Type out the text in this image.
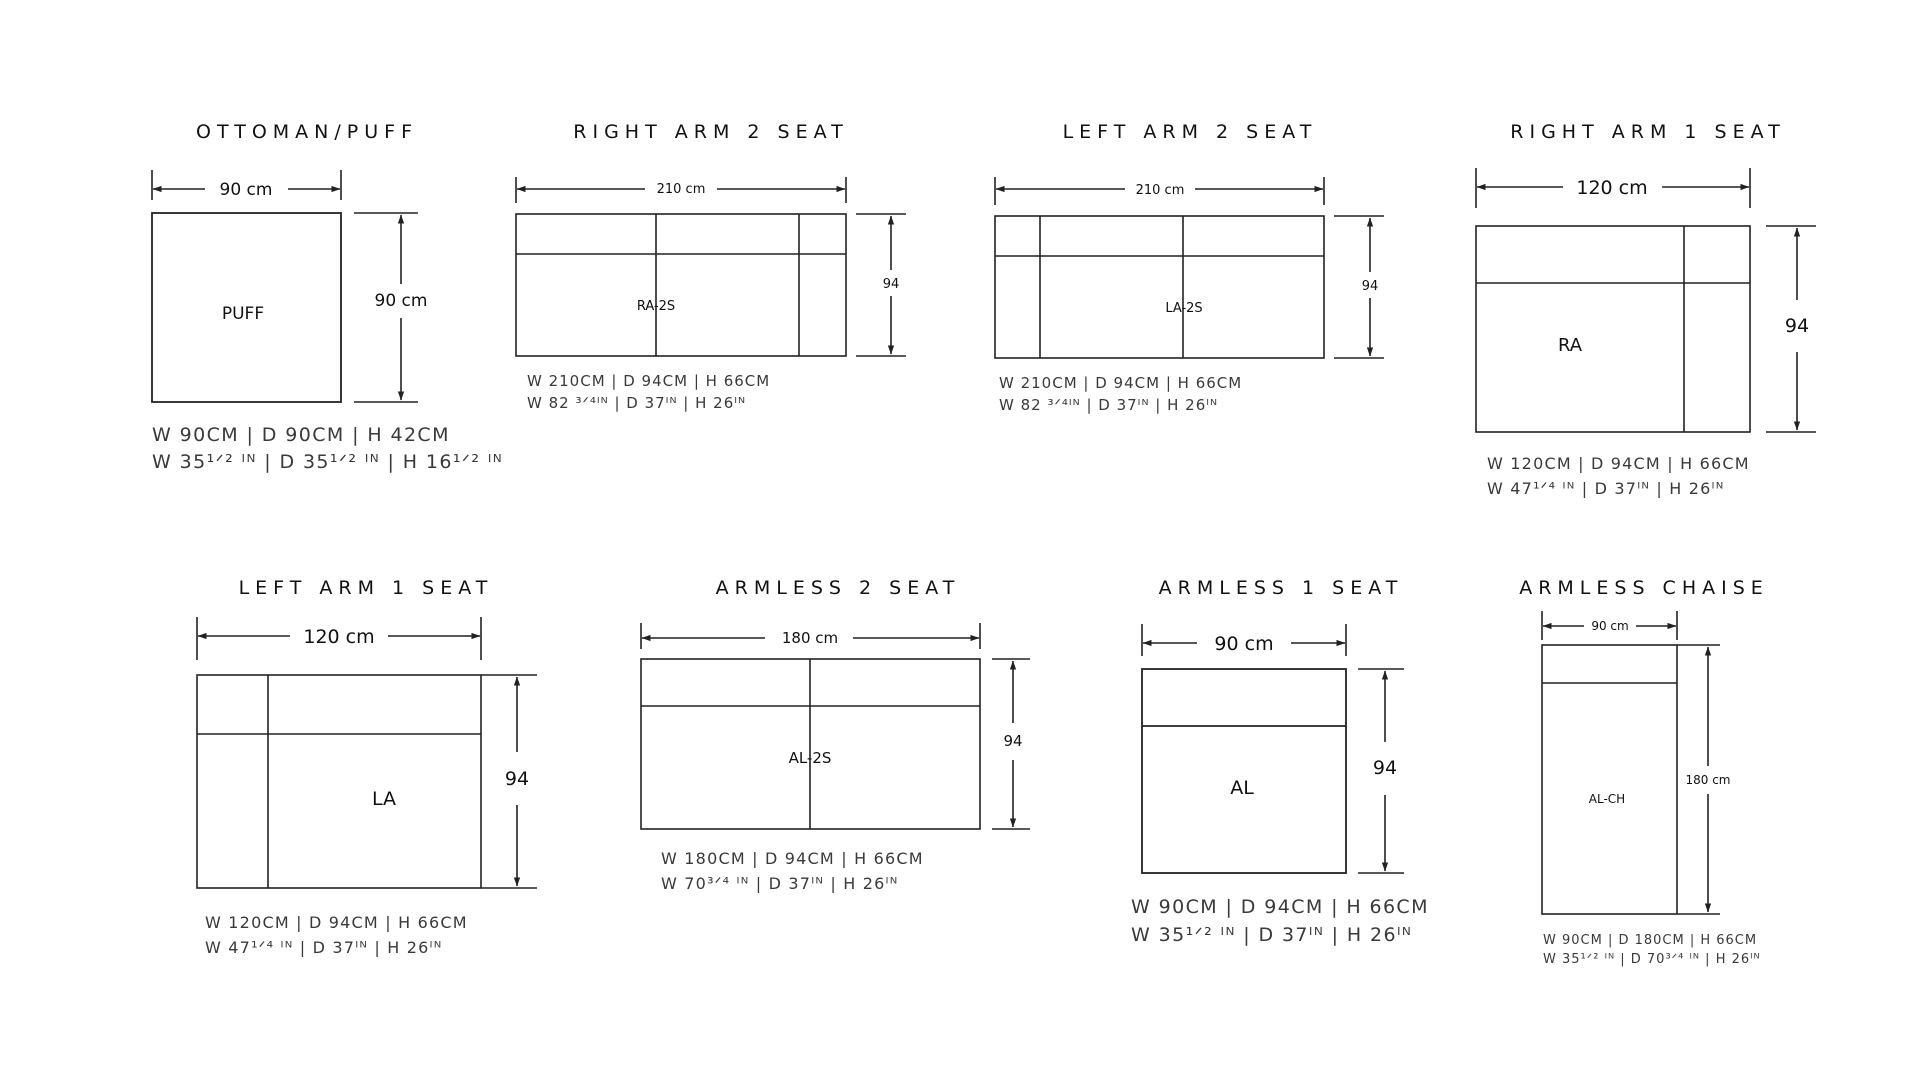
OTTOMAN/PUFF
90 cm
PUFF
90 cm
W 90CM | D 90CM | H 42CM
W 35¹ᐟ² ᴵᴺ | D 35¹ᐟ² ᴵᴺ | H 16¹ᐟ² ᴵᴺ
RIGHT ARM 2 SEAT
210 cm
RA-2S
94
W 210CM | D 94CM | H 66CM
W 82 ³ᐟ⁴ᴵᴺ | D 37ᴵᴺ | H 26ᴵᴺ
LEFT ARM 2 SEAT
210 cm
LA-2S
94
W 210CM | D 94CM | H 66CM
W 82 ³ᐟ⁴ᴵᴺ | D 37ᴵᴺ | H 26ᴵᴺ
RIGHT ARM 1 SEAT
120 cm
RA
94
W 120CM | D 94CM | H 66CM
W 47¹ᐟ⁴ ᴵᴺ | D 37ᴵᴺ | H 26ᴵᴺ
LEFT ARM 1 SEAT
120 cm
LA
94
W 120CM | D 94CM | H 66CM
W 47¹ᐟ⁴ ᴵᴺ | D 37ᴵᴺ | H 26ᴵᴺ
ARMLESS 2 SEAT
180 cm
AL-2S
94
W 180CM | D 94CM | H 66CM
W 70³ᐟ⁴ ᴵᴺ | D 37ᴵᴺ | H 26ᴵᴺ
ARMLESS 1 SEAT
90 cm
AL
94
W 90CM | D 94CM | H 66CM
W 35¹ᐟ² ᴵᴺ | D 37ᴵᴺ | H 26ᴵᴺ
ARMLESS CHAISE
90 cm
AL-CH
180 cm
W 90CM | D 180CM | H 66CM
W 35¹ᐟ² ᴵᴺ | D 70³ᐟ⁴ ᴵᴺ | H 26ᴵᴺ
